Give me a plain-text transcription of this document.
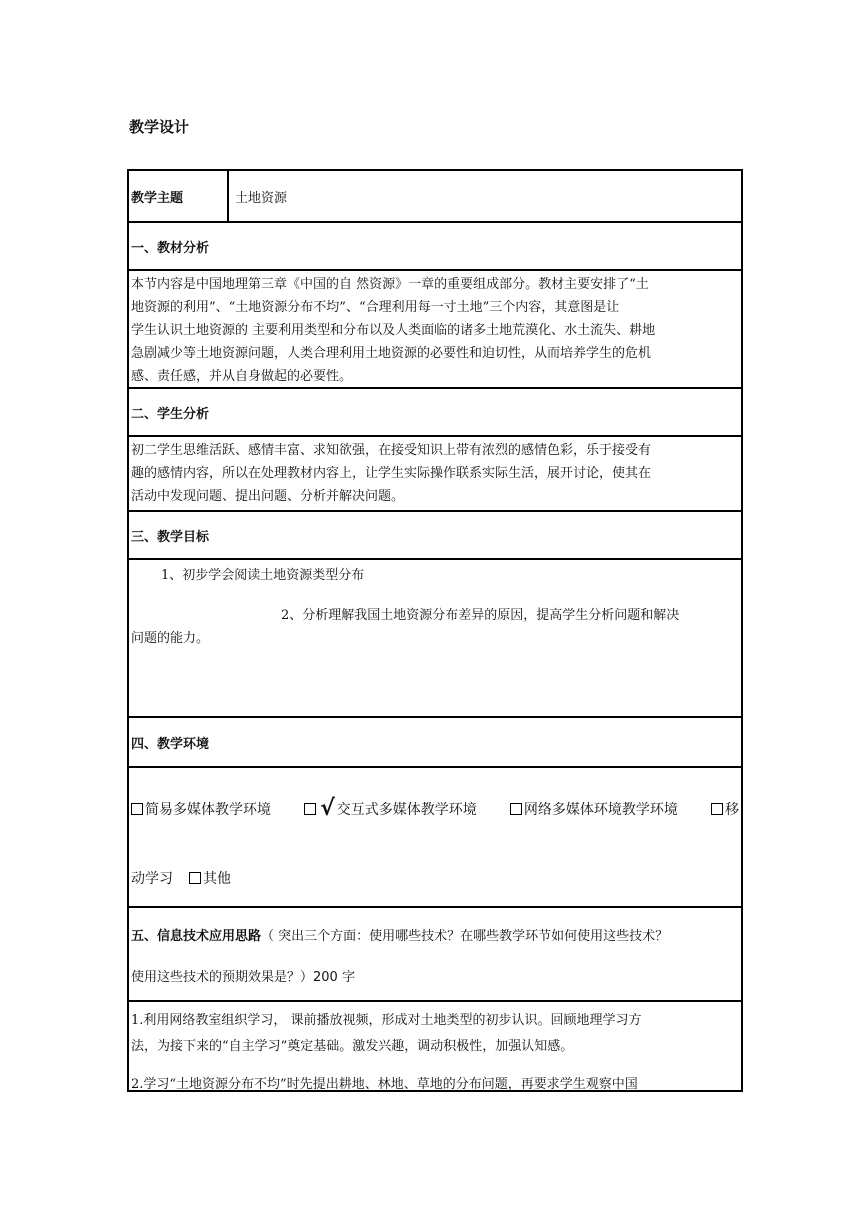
教学设计
教学主题	土地资源
一、教材分析
本节内容是中国地理第三章《中国的自 然资源》一章的重要组成部分。教材主要安排了“土
地资源的利用”、“土地资源分布不均”、“合理利用每一寸土地”三个内容，其意图是让
学生认识土地资源的 主要利用类型和分布以及人类面临的诸多土地荒漠化、水土流失、耕地
急剧减少等土地资源问题，人类合理利用土地资源的必要性和迫切性，从而培养学生的危机
感、责任感，并从自身做起的必要性。
二、学生分析
初二学生思维活跃、感情丰富、求知欲强，在接受知识上带有浓烈的感情色彩，乐于接受有
趣的感情内容，所以在处理教材内容上，让学生实际操作联系实际生活，展开讨论，使其在
活动中发现问题、提出问题、分析并解决问题。
三、教学目标
1、初步学会阅读土地资源类型分布
2、分析理解我国土地资源分布差异的原因，提高学生分析问题和解决
问题的能力。
四、教学环境
简易多媒体教学环境 √ 交互式多媒体教学环境	网络多媒体环境教学环境	移
动学习 其他
五、信息技术应用思路（ 突出三个方面：使用哪些技术？在哪些教学环节如何使用这些技术？
使用这些技术的预期效果是？）200 字
1.利用网络教室组织学习， 课前播放视频，形成对土地类型的初步认识。回顾地理学习方
法，为接下来的“自主学习”奠定基础。激发兴趣，调动积极性，加强认知感。
2.学习“土地资源分布不均”时先提出耕地、林地、草地的分布问题，再要求学生观察中国
